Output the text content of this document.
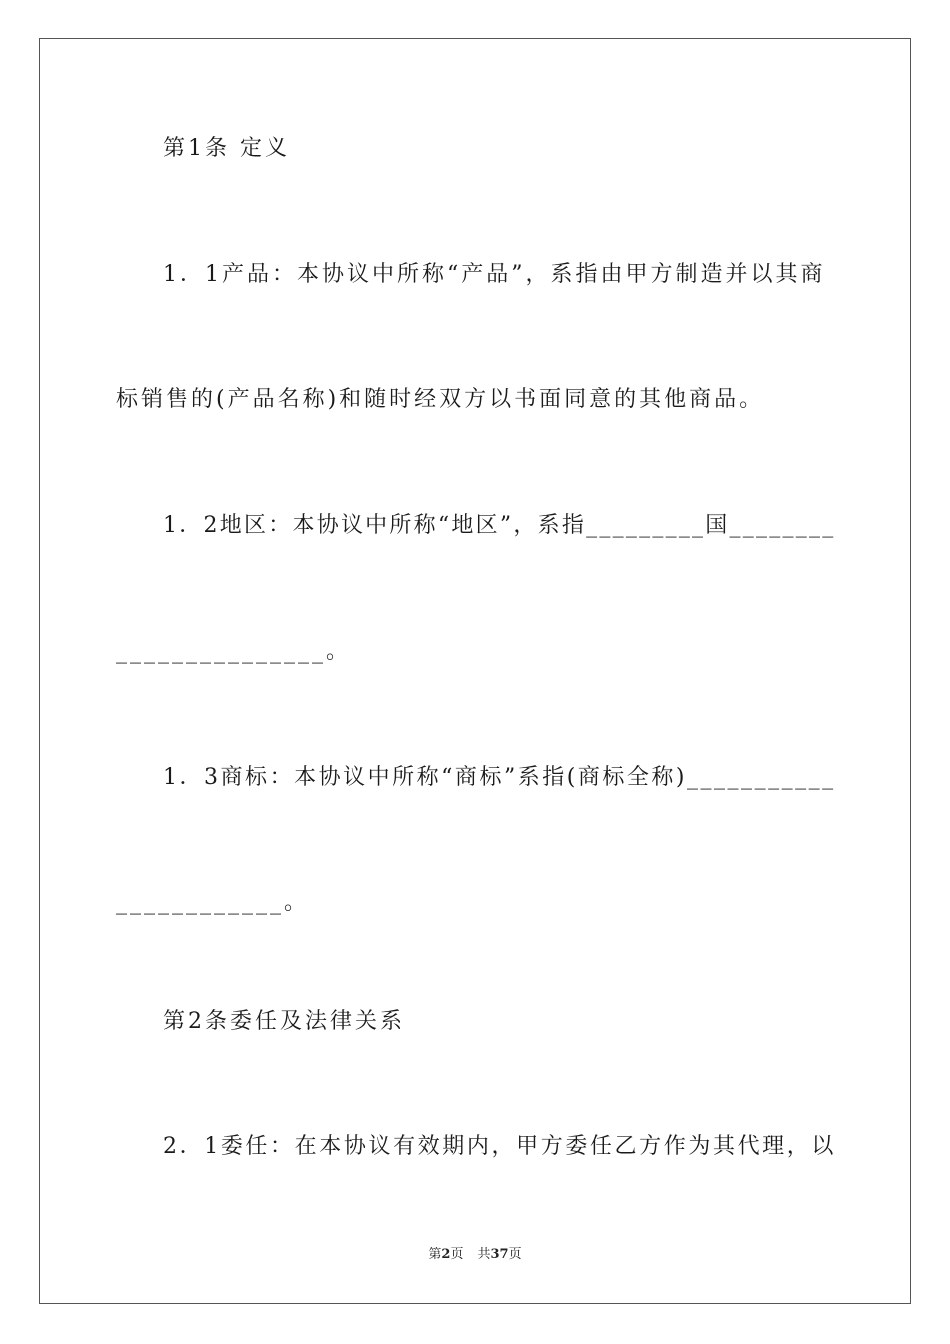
第1条 定义
1．1产品：本协议中所称“产品”，系指由甲方制造并以其商
标销售的(产品名称)和随时经双方以书面同意的其他商品。
1．2地区：本协议中所称“地区”，系指_________国________
_______________。
1．3商标：本协议中所称“商标”系指(商标全称)___________
____________。
第2条委任及法律关系
2．1委任：在本协议有效期内，甲方委任乙方作为其代理，以
第2页 共37页
